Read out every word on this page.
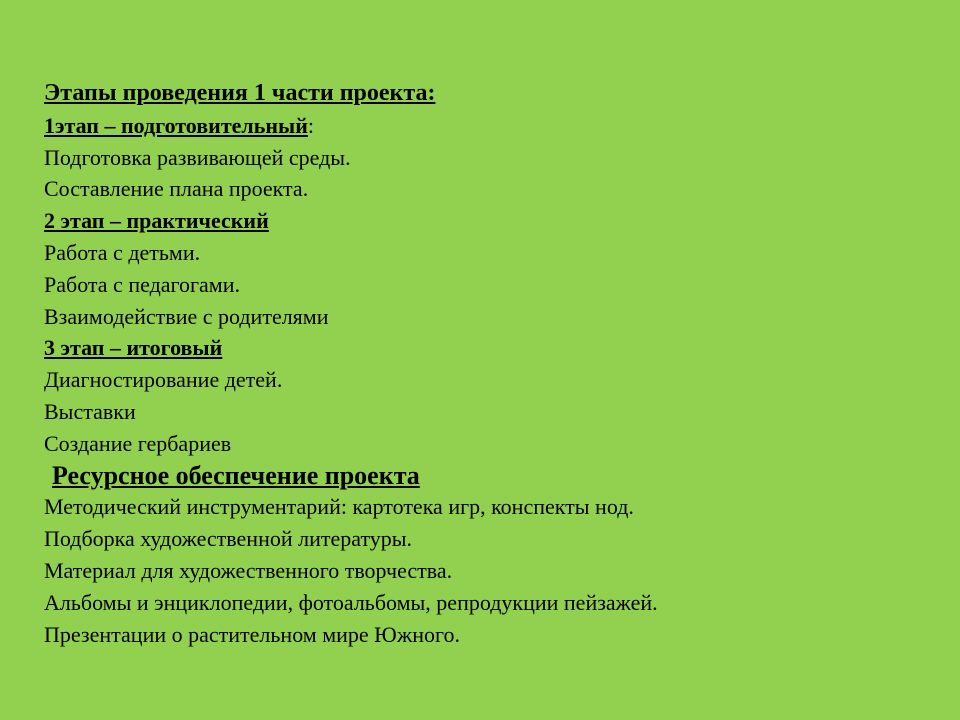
Этапы проведения 1 части проекта:
1этап – подготовительный:
Подготовка развивающей среды.
Составление плана проекта.
2 этап – практический
Работа с детьми.
Работа с педагогами.
Взаимодействие с родителями
3 этап – итоговый
Диагностирование детей.
Выставки
Создание гербариев
Ресурсное обеспечение проекта
Методический инструментарий: картотека игр, конспекты нод.
Подборка художественной литературы.
Материал для художественного творчества.
Альбомы и энциклопедии, фотоальбомы, репродукции пейзажей.
Презентации о растительном мире Южного.
